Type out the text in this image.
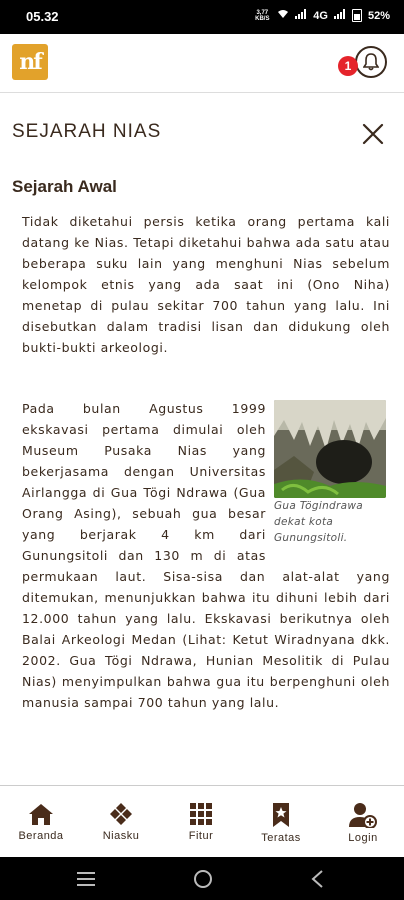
05.32	3,77 KB/S	4G	52%
nf	1
SEJARAH NIAS
Sejarah Awal
Tidak diketahui persis ketika orang pertama kali datang ke Nias. Tetapi diketahui bahwa ada satu atau beberapa suku lain yang menghuni Nias sebelum kelompok etnis yang ada saat ini (Ono Niha) menetap di pulau sekitar 700 tahun yang lalu. Ini disebutkan dalam tradisi lisan dan didukung oleh bukti-bukti arkeologi.
Gua Tögindrawa dekat kota Gunungsitoli.
Pada bulan Agustus 1999 ekskavasi pertama dimulai oleh Museum Pusaka Nias yang bekerjasama dengan Universitas Airlangga di Gua Tögi Ndrawa (Gua Orang Asing), sebuah gua besar yang berjarak 4 km dari Gunungsitoli dan 130 m di atas permukaan laut. Sisa-sisa dan alat-alat yang ditemukan, menunjukkan bahwa itu dihuni lebih dari 12.000 tahun yang lalu. Ekskavasi berikutnya oleh Balai Arkeologi Medan (Lihat: Ketut Wiradnyana dkk. 2002. Gua Tögi Ndrawa, Hunian Mesolitik di Pulau Nias) menyimpulkan bahwa gua itu berpenghuni oleh manusia sampai 700 tahun yang lalu.
Beranda	Niasku	Fitur	Teratas	Login
